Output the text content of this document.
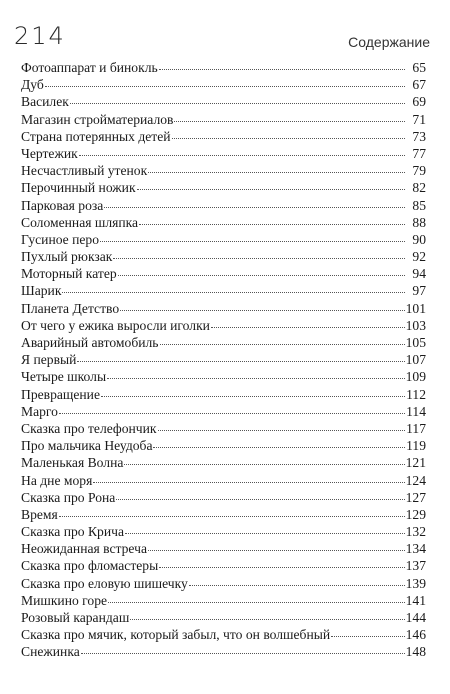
214	Содержание
Фотоаппарат и бинокль	65
Дуб	67
Василек	69
Магазин стройматериалов	71
Страна потерянных детей	73
Чертежик	77
Несчастливый утенок	79
Перочинный ножик	82
Парковая роза	85
Соломенная шляпка	88
Гусиное перо	90
Пухлый рюкзак	92
Моторный катер	94
Шарик	97
Планета Детство	101
От чего у ежика выросли иголки	103
Аварийный автомобиль	105
Я первый	107
Четыре школы	109
Превращение	112
Марго	114
Сказка про телефончик	117
Про мальчика Неудоба	119
Маленькая Волна	121
На дне моря	124
Сказка про Рона	127
Время	129
Сказка про Крича	132
Неожиданная встреча	134
Сказка про фломастеры	137
Сказка про еловую шишечку	139
Мишкино горе	141
Розовый карандаш	144
Сказка про мячик, который забыл, что он волшебный	146
Снежинка	148
